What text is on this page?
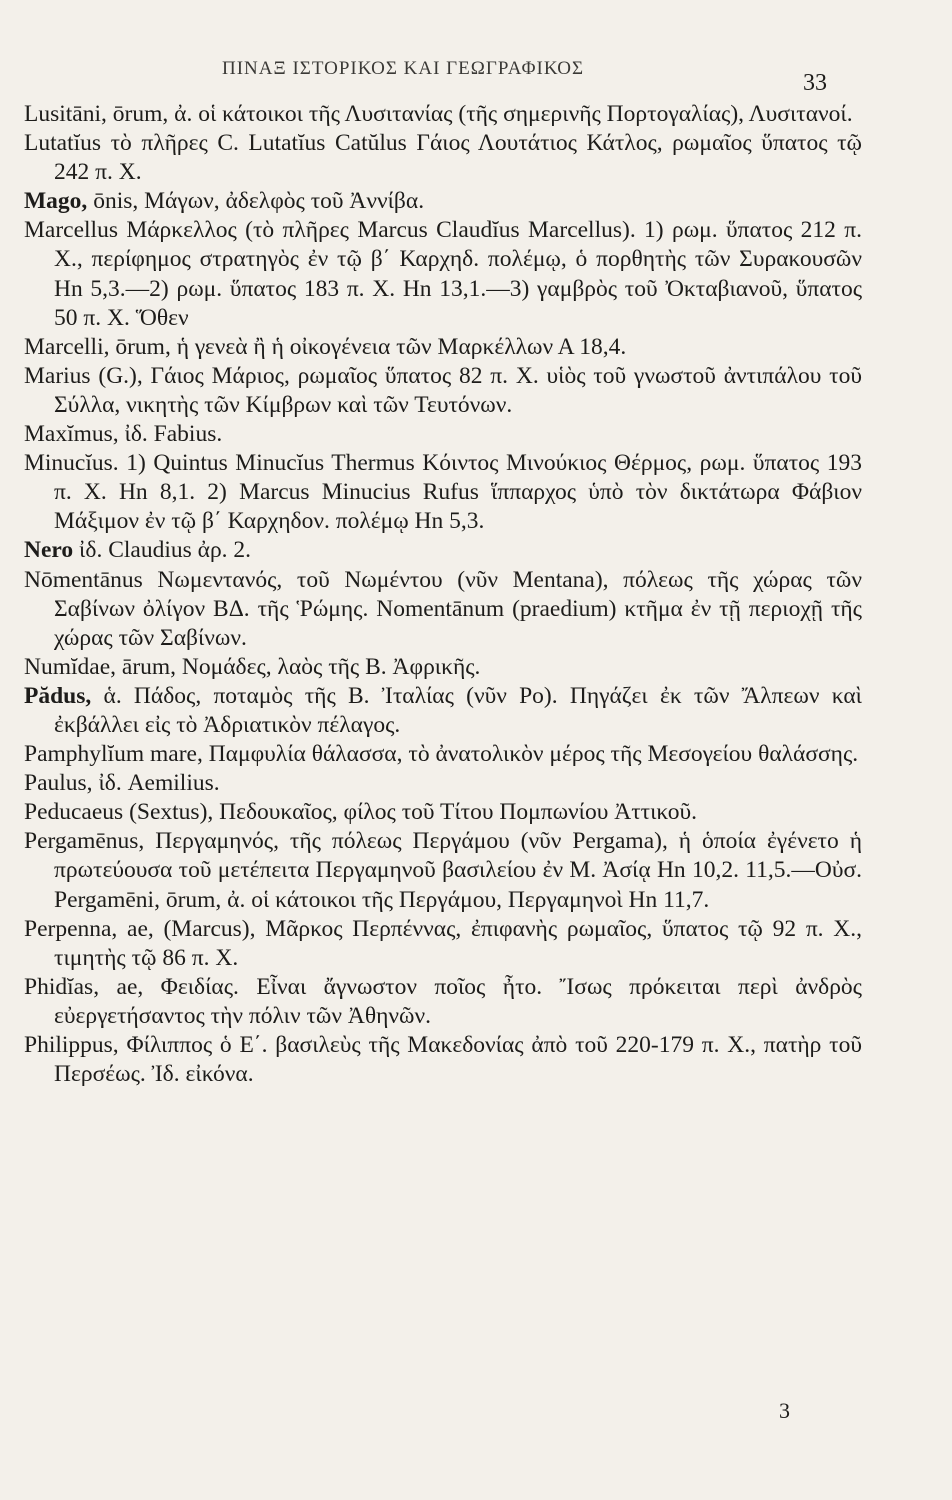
ΠΙΝΑΞ ΙΣΤΟΡΙΚΟΣ ΚΑΙ ΓΕΩΓΡΑΦΙΚΟΣ
33

Lusitāni, ōrum, ἀ. οἱ κάτοικοι τῆς Λυσιτανίας (τῆς σημερινῆς Πορτογαλίας), Λυσιτανοί.

Lutatĭus τὸ πλῆρες C. Lutatĭus Catŭlus Γάιος Λουτάτιος Κάτλος, ρωμαῖος ὕπατος τῷ 242 π. Χ.

Mago, ōnis, Μάγων, ἀδελφὸς τοῦ Ἀννίβα.

Marcellus Μάρκελλος (τὸ πλῆρες Marcus Claudĭus Marcellus). 1) ρωμ. ὕπατος 212 π. Χ., περίφημος στρατηγὸς ἐν τῷ β΄ Καρχηδ. πολέμῳ, ὁ πορθητὴς τῶν Συρακουσῶν Ηn 5,3.—2) ρωμ. ὕπατος 183 π. Χ. Ηn 13,1.—3) γαμβρὸς τοῦ Ὀκταβιανοῦ, ὕπατος 50 π. Χ. Ὅθεν

Marcelli, ōrum, ἡ γενεὰ ἢ ἡ οἰκογένεια τῶν Μαρκέλλων Α 18,4.

Marius (G.), Γάιος Μάριος, ρωμαῖος ὕπατος 82 π. Χ. υἱὸς τοῦ γνωστοῦ ἀντιπάλου τοῦ Σύλλα, νικητὴς τῶν Κίμβρων καὶ τῶν Τευτόνων.

Maxĭmus, ἰδ. Fabius.

Minucĭus. 1) Quintus Minucĭus Thermus Κόιντος Μινούκιος Θέρμος, ρωμ. ὕπατος 193 π. Χ. Ηn 8,1. 2) Marcus Minucius Rufus ἵππαρχος ὑπὸ τὸν δικτάτωρα Φάβιον Μάξιμον ἐν τῷ β΄ Καρχηδον. πολέμῳ Ηn 5,3.

Nero ἰδ. Claudius ἀρ. 2.

Nōmentānus Νωμεντανός, τοῦ Νωμέντου (νῦν Mentana), πόλεως τῆς χώρας τῶν Σαβίνων ὀλίγον ΒΔ. τῆς Ῥώμης. Nomentānum (praedium) κτῆμα ἐν τῇ περιοχῇ τῆς χώρας τῶν Σαβίνων.

Numĭdae, ārum, Νομάδες, λαὸς τῆς Β. Ἀφρικῆς.

Pădus, ἁ. Πάδος, ποταμὸς τῆς Β. Ἰταλίας (νῦν Po). Πηγάζει ἐκ τῶν Ἄλπεων καὶ ἐκβάλλει εἰς τὸ Ἀδριατικὸν πέλαγος.

Pamphylĭum mare, Παμφυλία θάλασσα, τὸ ἀνατολικὸν μέρος τῆς Μεσογείου θαλάσσης.

Paulus, ἰδ. Aemilius.

Peducaeus (Sextus), Πεδουκαῖος, φίλος τοῦ Τίτου Πομπωνίου Ἀττικοῦ.

Pergamēnus, Περγαμηνός, τῆς πόλεως Περγάμου (νῦν Pergama), ἡ ὁποία ἐγένετο ἡ πρωτεύουσα τοῦ μετέπειτα Περγαμηνοῦ βασιλείου ἐν Μ. Ἀσίᾳ Ηn 10,2. 11,5.—Οὐσ. Pergamēni, ōrum, ἀ. οἱ κάτοικοι τῆς Περγάμου, Περγαμηνοὶ Ηn 11,7.

Perpenna, ae, (Marcus), Μᾶρκος Περπέννας, ἐπιφανὴς ρωμαῖος, ὕπατος τῷ 92 π. Χ., τιμητὴς τῷ 86 π. Χ.

Phidĭas, ae, Φειδίας. Εἶναι ἄγνωστον ποῖος ἦτο. Ἴσως πρόκειται περὶ ἀνδρὸς εὐεργετήσαντος τὴν πόλιν τῶν Ἀθηνῶν.

Philippus, Φίλιππος ὁ Ε΄. βασιλεὺς τῆς Μακεδονίας ἀπὸ τοῦ 220-179 π. Χ., πατὴρ τοῦ Περσέως. Ἰδ. εἰκόνα.

3
